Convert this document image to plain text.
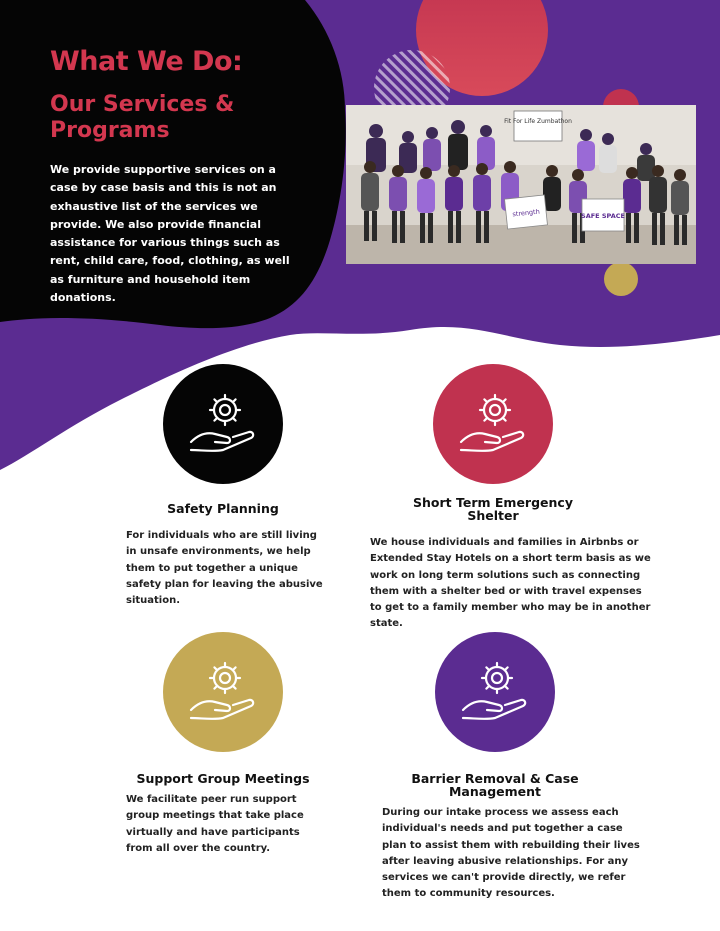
What We Do:
Our Services & Programs

We provide supportive services on a case by case basis and this is not an exhaustive list of the services we provide. We also provide financial assistance for various things such as rent, child care, food, clothing, as well as furniture and household item donations.

Fit For Life Zumbathon
strength	SAFE SPACE
Safety Planning

For individuals who are still living in unsafe environments, we help them to put together a unique safety plan for leaving the abusive situation.

Short Term Emergency Shelter

We house individuals and families in Airbnbs or Extended Stay Hotels on a short term basis as we work on long term solutions such as connecting them with a shelter bed or with travel expenses to get to a family member who may be in another state.

Support Group Meetings

We facilitate peer run support group meetings that take place virtually and have participants from all over the country.

Barrier Removal & Case Management

During our intake process we assess each individual's needs and put together a case plan to assist them with rebuilding their lives after leaving abusive relationships. For any services we can't provide directly, we refer them to community resources.
